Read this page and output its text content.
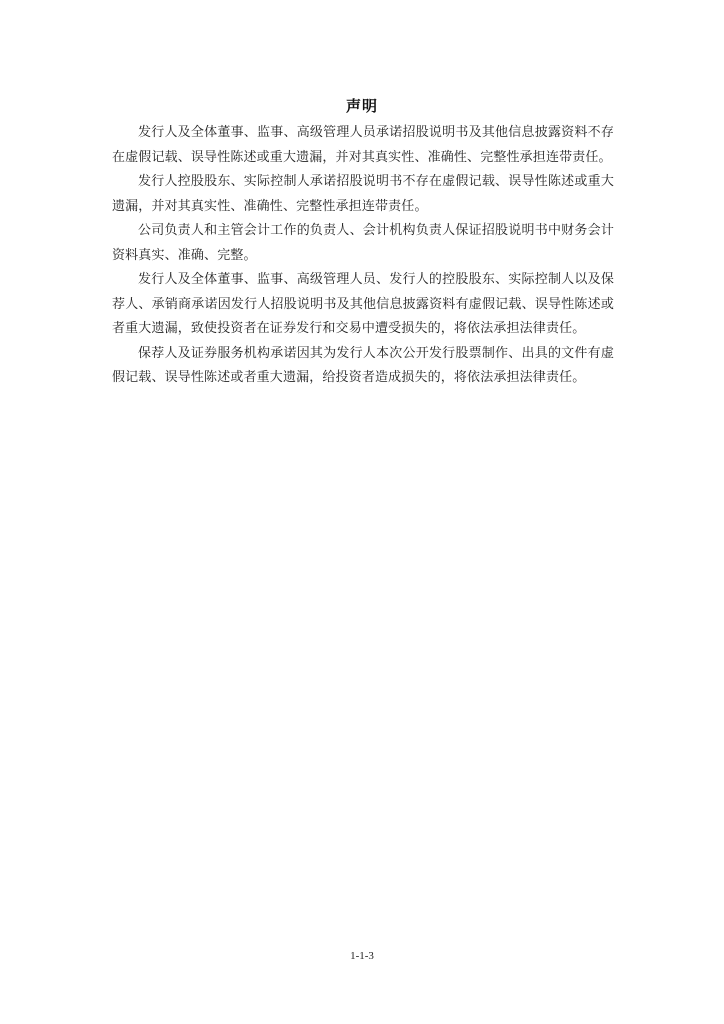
声明

发行人及全体董事、监事、高级管理人员承诺招股说明书及其他信息披露资料不存在虚假记载、误导性陈述或重大遗漏，并对其真实性、准确性、完整性承担连带责任。

发行人控股股东、实际控制人承诺招股说明书不存在虚假记载、误导性陈述或重大遗漏，并对其真实性、准确性、完整性承担连带责任。

公司负责人和主管会计工作的负责人、会计机构负责人保证招股说明书中财务会计资料真实、准确、完整。

发行人及全体董事、监事、高级管理人员、发行人的控股股东、实际控制人以及保荐人、承销商承诺因发行人招股说明书及其他信息披露资料有虚假记载、误导性陈述或者重大遗漏，致使投资者在证券发行和交易中遭受损失的，将依法承担法律责任。

保荐人及证券服务机构承诺因其为发行人本次公开发行股票制作、出具的文件有虚假记载、误导性陈述或者重大遗漏，给投资者造成损失的，将依法承担法律责任。

1-1-3
